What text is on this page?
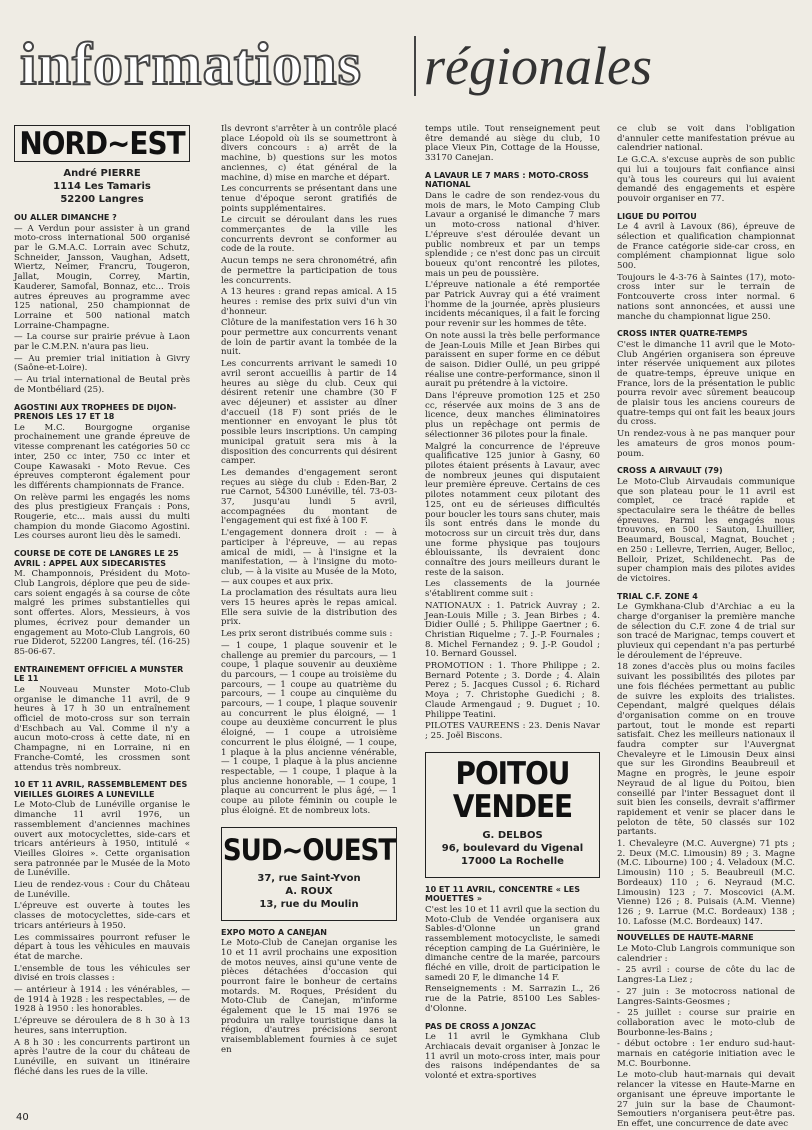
informations régionales
NORD~EST
André PIERRE
1114 Les Tamaris
52200 Langres
OU ALLER DIMANCHE ?

— A Verdun pour assister à un grand moto-cross international 500 organisé par le G.M.A.C. Lorrain avec Schutz, Schneider, Jansson, Vaughan, Adsett, Wiertz, Neimer, Francru, Tougeron, Jallat, Mougin, Correy, Martin, Kauderer, Samofal, Bonnaz, etc... Trois autres épreuves au programme avec 125 national, 250 championnat de Lorraine et 500 national match Lorraine-Champagne.

— La course sur prairie prévue à Laon par le C.M.P.N. n'aura pas lieu.

— Au premier trial initiation à Givry (Saône-et-Loire).

— Au trial international de Beutal près de Montbéliard (25).

AGOSTINI AUX TROPHEES DE DIJON-PRENOIS LES 17 ET 18

Le M.C. Bourgogne organise prochainement une grande épreuve de vitesse comprenant les catégories 50 cc inter, 250 cc inter, 750 cc inter et Coupe Kawasaki - Moto Revue. Ces épreuves compteront également pour les différents championnats de France.

On relève parmi les engagés les noms des plus prestigieux Français : Pons, Rougerie, etc... mais aussi du multi champion du monde Giacomo Agostini. Les courses auront lieu dès le samedi.

COURSE DE COTE DE LANGRES LE 25 AVRIL : APPEL AUX SIDECARISTES

M. Champonnois, Président du Moto-Club Langrois, déplore que peu de side-cars soient engagés à sa course de côte malgré les primes substantielles qui sont offertes. Alors, Messieurs, à vos plumes, écrivez pour demander un engagement au Moto-Club Langrois, 60 rue Diderot, 52200 Langres, tél. (16-25) 85-06-67.

ENTRAINEMENT OFFICIEL A MUNSTER LE 11

Le Nouveau Munster Moto-Club organise le dimanche 11 avril, de 9 heures à 17 h 30 un entraînement officiel de moto-cross sur son terrain d'Eschbach au Val. Comme il n'y a aucun moto-cross à cette date, ni en Champagne, ni en Lorraine, ni en Franche-Comté, les crossmen sont attendus très nombreux.

10 ET 11 AVRIL, RASSEMBLEMENT DES VIEILLES GLOIRES A LUNEVILLE

Le Moto-Club de Lunéville organise le dimanche 11 avril 1976, un rassemblement d'anciennes machines ouvert aux motocyclettes, side-cars et tricars antérieurs à 1950, intitulé « Vieilles Gloires ». Cette organisation sera patronnée par le Musée de la Moto de Lunéville.

Lieu de rendez-vous : Cour du Château de Lunéville.

L'épreuve est ouverte à toutes les classes de motocyclettes, side-cars et tricars antérieurs à 1950.

Les commissaires pourront refuser le départ à tous les véhicules en mauvais état de marche.

L'ensemble de tous les véhicules ser divisé en trois classes :

— antérieur à 1914 : les vénérables, — de 1914 à 1928 : les respectables, — de 1928 à 1950 : les honorables.

L'épreuve se déroulera de 8 h 30 à 13 heures, sans interruption.

A 8 h 30 : les concurrents partiront un après l'autre de la cour du château de Lunéville, en suivant un itinéraire fléché dans les rues de la ville.

Ils devront s'arrêter à un contrôle placé place Léopold où ils se soumettront à divers concours : a) arrêt de la machine, b) questions sur les motos anciennes, c) état général de la machine, d) mise en marche et départ.

Les concurrents se présentant dans une tenue d'époque seront gratifiés de points supplémentaires.

Le circuit se déroulant dans les rues commerçantes de la ville les concurrents devront se conformer au code de la route.

Aucun temps ne sera chronométré, afin de permettre la participation de tous les concurrents.

A 13 heures : grand repas amical. A 15 heures : remise des prix suivi d'un vin d'honneur.

Clôture de la manifestation vers 16 h 30 pour permettre aux concurrents venant de loin de partir avant la tombée de la nuit.

Les concurrents arrivant le samedi 10 avril seront accueillis à partir de 14 heures au siège du club. Ceux qui désirent retenir une chambre (30 F avec déjeuner) et assister au dîner d'accueil (18 F) sont priés de le mentionner en envoyant le plus tôt possible leurs inscriptions. Un camping municipal gratuit sera mis à la disposition des concurrents qui désirent camper.

Les demandes d'engagement seront reçues au siège du club : Eden-Bar, 2 rue Carnot, 54300 Lunéville, tél. 73-03-37, jusqu'au lundi 5 avril, accompagnées du montant de l'engagement qui est fixé à 100 F.

L'engagement donnera droit : — à participer à l'épreuve, — au repas amical de midi, — à l'insigne et la manifestation, — à l'insigne du moto-club, — à la visite au Musée de la Moto, — aux coupes et aux prix.

La proclamation des résultats aura lieu vers 15 heures après le repas amical. Elle sera suivie de la distribution des prix.

Les prix seront distribués comme suis :

— 1 coupe, 1 plaque souvenir et le challenge au premier du parcours, — 1 coupe, 1 plaque souvenir au deuxième du parcours, — 1 coupe au troisième du parcours, — 1 coupe au quatrième du parcours, — 1 coupe au cinquième du parcours, — 1 coupe, 1 plaque souvenir au concurrent le plus éloigné, — 1 coupe au deuxième concurrent le plus éloigné, — 1 coupe a utroisième concurrent le plus éloigné, — 1 coupe, 1 plaque à la plus ancienne vénérable, — 1 coupe, 1 plaque à la plus ancienne respectable, — 1 coupe, 1 plaque à la plus ancienne honorable, — 1 coupe, 1 plaque au concurrent le plus âgé, — 1 coupe au pilote féminin ou couple le plus éloigné. Et de nombreux lots.

SUD~OUEST
37, rue Saint-Yvon
A. ROUX
13, rue du Moulin
EXPO MOTO A CANEJAN

Le Moto-Club de Canejan organise les 10 et 11 avril prochains une exposition de motos neuves, ainsi qu'une vente de pièces détachées d'occasion qui pourront faire le bonheur de certains motards. M. Roques, Président du Moto-Club de Canejan, m'informe également que le 15 mai 1976 se produira un rallye touristique dans la région, d'autres précisions seront vraisemblablement fournies à ce sujet en

temps utile. Tout renseignement peut être demandé au siège du club, 10 place Vieux Pin, Cottage de la Housse, 33170 Canejan.

A LAVAUR LE 7 MARS : MOTO-CROSS NATIONAL

Dans le cadre de son rendez-vous du mois de mars, le Moto Camping Club Lavaur a organisé le dimanche 7 mars un moto-cross national d'hiver. L'épreuve s'est déroulée devant un public nombreux et par un temps splendide ; ce n'est donc pas un circuit boueux qu'ont rencontré les pilotes, mais un peu de poussière.

L'épreuve nationale a été remportée par Patrick Auvray qui a été vraiment l'homme de la journée, après plusieurs incidents mécaniques, il a fait le forcing pour revenir sur les hommes de tête.

On note aussi la très belle performance de Jean-Louis Mille et Jean Birbes qui paraissent en super forme en ce début de saison. Didier Oullé, un peu grippé réalise une contre-performance, sinon il aurait pu prétendre à la victoire.

Dans l'épreuve promotion 125 et 250 cc, réservée aux moins de 3 ans de licence, deux manches éliminatoires plus un repêchage ont permis de sélectionner 36 pilotes pour la finale.

Malgré la concurrence de l'épreuve qualificative 125 junior à Gasny, 60 pilotes étaient présents à Lavaur, avec de nombreux jeunes qui disputaient leur première épreuve. Certains de ces pilotes notamment ceux pilotant des 125, ont eu de sérieuses difficultés pour boucler les tours sans chuter, mais ils sont entrés dans le monde du motocross sur un circuit très dur, dans une forme physique pas toujours éblouissante, ils devraient donc connaître des jours meilleurs durant le reste de la saison.

Les classements de la journée s'établirent comme suit :

NATIONAUX : 1. Patrick Auvray ; 2. Jean-Louis Mille ; 3. Jean Birbes ; 4. Didier Oullé ; 5. Philippe Gaertner ; 6. Christian Riquelme ; 7. J.-P. Fournales ; 8. Michel Fernandez ; 9. J.-P. Goudol ; 10. Bernard Goussel.

PROMOTION : 1. Thore Philippe ; 2. Bernard Potente ; 3. Dorde ; 4. Alain Perez ; 5. Jacques Cussol ; 6. Richard Moya ; 7. Christophe Guedichi ; 8. Claude Armengaud ; 9. Duguet ; 10. Philippe Teatini.

PILOTES VAUREENS : 23. Denis Navar ; 25. Joël Biscons.

POITOU
VENDEE
G. DELBOS
96, boulevard du Vigenal
17000 La Rochelle
10 ET 11 AVRIL, CONCENTRE « LES MOUETTES »

C'est les 10 et 11 avril que la section du Moto-Club de Vendée organisera aux Sables-d'Olonne un grand rassemblement motocycliste, le samedi réception camping de La Guérinière, le dimanche centre de la marée, parcours fléché en ville, droit de participation le samedi 20 F, le dimanche 14 F.

Renseignements : M. Sarrazin L., 26 rue de la Patrie, 85100 Les Sables-d'Olonne.

PAS DE CROSS A JONZAC

Le 11 avril le Gymkhana Club Archiacais devait organiser à Jonzac le 11 avril un moto-cross inter, mais pour des raisons indépendantes de sa volonté et extra-sportives

ce club se voit dans l'obligation d'annuler cette manifestation prévue au calendrier national.

Le G.C.A. s'excuse auprès de son public qui lui a toujours fait confiance ainsi qu'à tous les coureurs qui lui avaient demandé des engagements et espère pouvoir organiser en 77.

LIGUE DU POITOU

Le 4 avril à Lavoux (86), épreuve de sélection et qualification championnat de France catégorie side-car cross, en complément championnat ligue solo 500.

Toujours le 4-3-76 à Saintes (17), moto-cross inter sur le terrain de Fontcouverte cross inter normal. 6 nations sont annoncées, et aussi une manche du championnat ligue 250.

CROSS INTER QUATRE-TEMPS

C'est le dimanche 11 avril que le Moto-Club Angérien organisera son épreuve inter réservée uniquement aux pilotes de quatre-temps, épreuve unique en France, lors de la présentation le public pourra revoir avec sûrement beaucoup de plaisir tous les anciens coureurs de quatre-temps qui ont fait les beaux jours du cross.

Un rendez-vous à ne pas manquer pour les amateurs de gros monos poum-poum.

CROSS A AIRVAULT (79)

Le Moto-Club Airvaudais communique que son plateau pour le 11 avril est complet, ce tracé rapide et spectaculaire sera le théâtre de belles épreuves. Parmi les engagés nous trouvons, en 500 : Sauton, Lhuillier, Beaumard, Bouscal, Magnat, Bouchet ; en 250 : Lellevre, Terrien, Auger, Belloc, Belloir, Prizet, Schildenecht. Pas de super champion mais des pilotes avides de victoires.

TRIAL C.F. ZONE 4

Le Gymkhana-Club d'Archiac a eu la charge d'organiser la première manche de sélection du C.F. zone 4 de trial sur son tracé de Marignac, temps couvert et pluvieux qui cependant n'a pas perturbé le déroulement de l'épreuve.

18 zones d'accès plus ou moins faciles suivant les possibilités des pilotes par une fois fléchées permettant au public de suivre les exploits des trialistes. Cependant, malgré quelques délais d'organisation comme on en trouve partout, tout le monde est reparti satisfait. Chez les meilleurs nationaux il faudra compter sur l'Auvergnat Chevaleyre et le Limousin Deux ainsi que sur les Girondins Beaubreuil et Magne en progrès, le jeune espoir Neyraud de al ligue du Poitou, bien conseillé par l'inter Bessaguet dont il suit bien les conseils, devrait s'affirmer rapidement et venir se placer dans le peloton de tête, 50 classés sur 102 partants.

1. Chevaleyre (M.C. Auvergne) 71 pts ; 2. Deux (M.C. Limousin) 89 ; 3. Magne (M.C. Libourne) 100 ; 4. Veladoux (M.C. Limousin) 110 ; 5. Beaubreuil (M.C. Bordeaux) 110 ; 6. Neyraud (M.C. Limousin) 123 ; 7. Moscovici (A.M. Vienne) 126 ; 8. Puisais (A.M. Vienne) 126 ; 9. Larrue (M.C. Bordeaux) 138 ; 10. Lafosse (M.C. Bordeaux) 147.

NOUVELLES DE HAUTE-MARNE

Le Moto-Club Langrois communique son calendrier :

- 25 avril : course de côte du lac de Langres-La Liez ;

- 27 juin : 3e motocross national de Langres-Saints-Geosmes ;

- 25 juillet : course sur prairie en collaboration avec le moto-club de Bourbonne-les-Bains ;

- début octobre : 1er enduro sud-haut-marnais en catégorie initiation avec le M.C. Bourbonne.

Le moto-club haut-marnais qui devait relancer la vitesse en Haute-Marne en organisant une épreuve importante le 27 juin sur la base de Chaumont-Semoutiers n'organisera peut-être pas. En effet, une concurrence de date avec

40
